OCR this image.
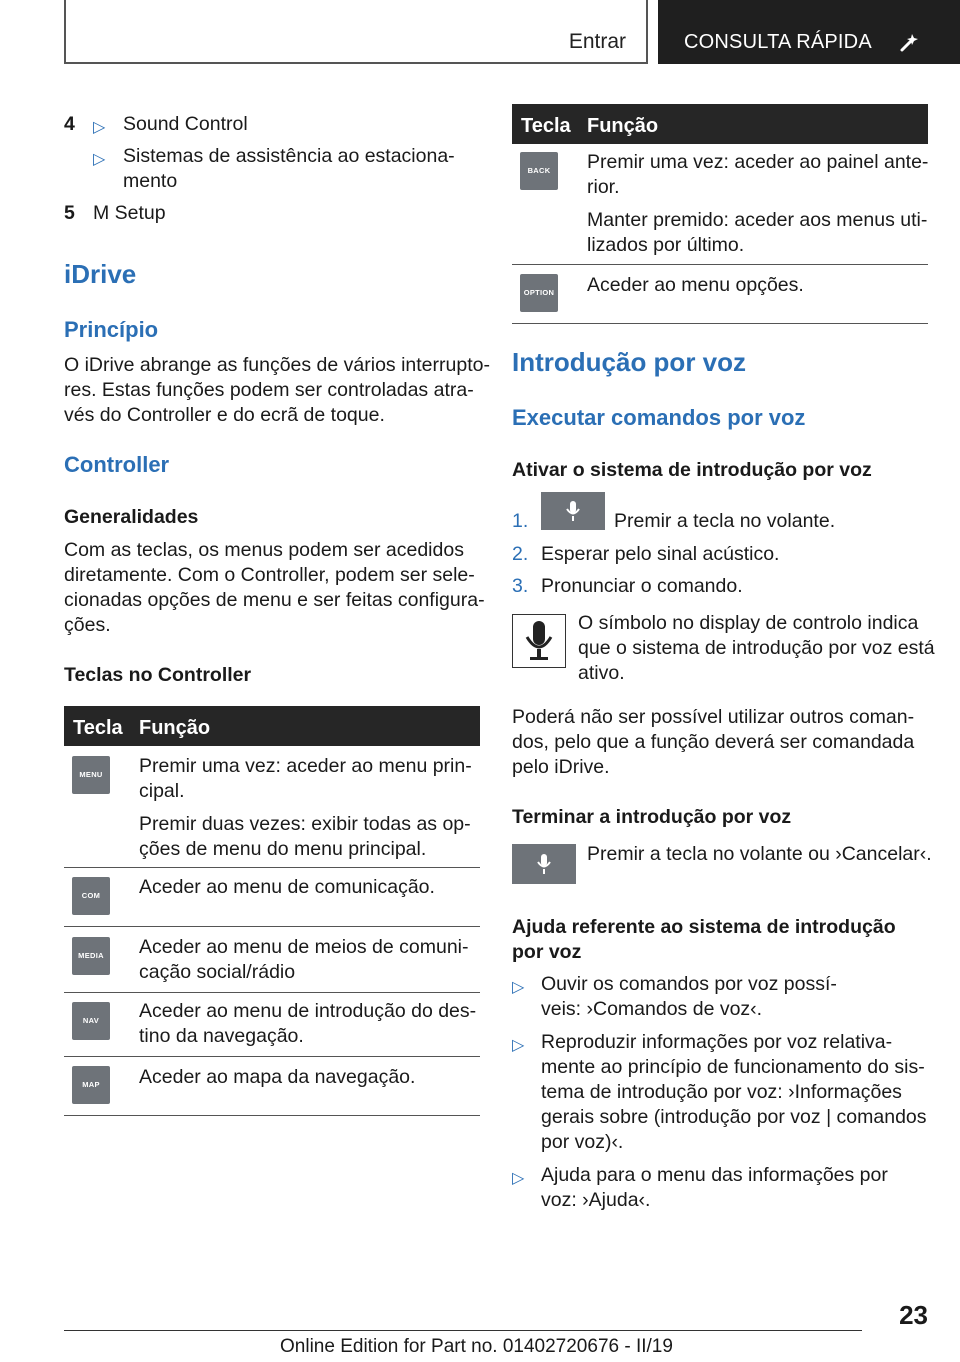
Entrar	CONSULTA RÁPIDA
4 ▷ Sound Control
▷ Sistemas de assistência ao estaciona-
mento
5 M Setup
iDrive
Princípio
O iDrive abrange as funções de vários interrupto-
res. Estas funções podem ser controladas atra-
vés do Controller e do ecrã de toque.
Controller
Generalidades
Com as teclas, os menus podem ser acedidos
diretamente. Com o Controller, podem ser sele-
cionadas opções de menu e ser feitas configura-
ções.
Teclas no Controller
Tecla Função
MENU	Premir uma vez: aceder ao menu prin-
cipal.
Premir duas vezes: exibir todas as op-
ções de menu do menu principal.
COM	Aceder ao menu de comunicação.
MEDIA	Aceder ao menu de meios de comuni-
cação social/rádio
NAV	Aceder ao menu de introdução do des-
tino da navegação.
MAP	Aceder ao mapa da navegação.
Tecla Função
BACK	Premir uma vez: aceder ao painel ante-
rior.
Manter premido: aceder aos menus uti-
lizados por último.
OPTION Aceder ao menu opções.
Introdução por voz
Executar comandos por voz
Ativar o sistema de introdução por voz
1.	Premir a tecla no volante.
2. Esperar pelo sinal acústico.
3. Pronunciar o comando.
O símbolo no display de controlo indica
que o sistema de introdução por voz está
ativo.
Poderá não ser possível utilizar outros coman-
dos, pelo que a função deverá ser comandada
pelo iDrive.
Terminar a introdução por voz
Premir a tecla no volante ou ›Cancelar‹.
Ajuda referente ao sistema de introdução
por voz
▷ Ouvir os comandos por voz possí-
veis: ›Comandos de voz‹.
▷ Reproduzir informações por voz relativa-
mente ao princípio de funcionamento do sis-
tema de introdução por voz: ›Informações
gerais sobre (introdução por voz | comandos
por voz)‹.
▷ Ajuda para o menu das informações por
voz: ›Ajuda‹.
23
Online Edition for Part no. 01402720676 - II/19
